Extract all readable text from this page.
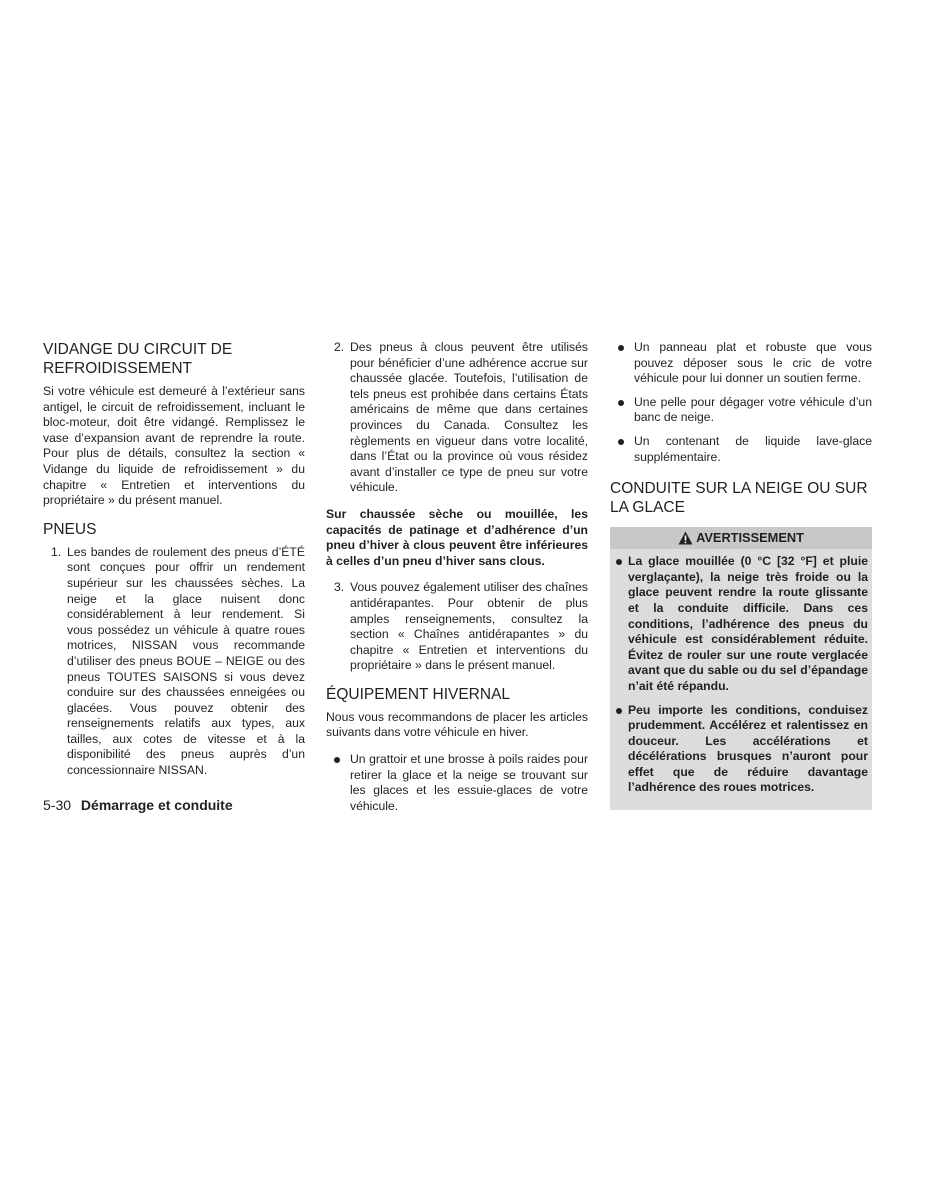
VIDANGE DU CIRCUIT DE REFROIDISSEMENT

Si votre véhicule est demeuré à l’extérieur sans antigel, le circuit de refroidissement, incluant le bloc-moteur, doit être vidangé. Remplissez le vase d’expansion avant de reprendre la route. Pour plus de détails, consultez la section « Vidange du liquide de refroidissement » du chapitre « Entretien et interventions du propriétaire » du présent manuel.

PNEUS
1. Les bandes de roulement des pneus d’ÉTÉ sont conçues pour offrir un rendement supérieur sur les chaussées sèches. La neige et la glace nuisent donc considérablement à leur rendement. Si vous possédez un véhicule à quatre roues motrices, NISSAN vous recommande d’utiliser des pneus BOUE – NEIGE ou des pneus TOUTES SAISONS si vous devez conduire sur des chaussées enneigées ou glacées. Vous pouvez obtenir des renseignements relatifs aux types, aux tailles, aux cotes de vitesse et à la disponibilité des pneus auprès d’un concessionnaire NISSAN.
2. Des pneus à clous peuvent être utilisés pour bénéficier d’une adhérence accrue sur chaussée glacée. Toutefois, l’utilisation de tels pneus est prohibée dans certains États américains de même que dans certaines provinces du Canada. Consultez les règlements en vigueur dans votre localité, dans l’État ou la province où vous résidez avant d’installer ce type de pneu sur votre véhicule.

Sur chaussée sèche ou mouillée, les capacités de patinage et d’adhérence d’un pneu d’hiver à clous peuvent être inférieures à celles d’un pneu d’hiver sans clous.

3. Vous pouvez également utiliser des chaînes antidérapantes. Pour obtenir de plus amples renseignements, consultez la section « Chaînes antidérapantes » du chapitre « Entretien et interventions du propriétaire » dans le présent manuel.
ÉQUIPEMENT HIVERNAL

Nous vous recommandons de placer les articles suivants dans votre véhicule en hiver.

Un grattoir et une brosse à poils raides pour retirer la glace et la neige se trouvant sur les glaces et les essuie-glaces de votre véhicule.
Un panneau plat et robuste que vous pouvez déposer sous le cric de votre véhicule pour lui donner un soutien ferme.
Une pelle pour dégager votre véhicule d’un banc de neige.
Un contenant de liquide lave-glace supplémentaire.
CONDUITE SUR LA NEIGE OU SUR LA GLACE
AVERTISSEMENT
La glace mouillée (0 °C [32 °F] et pluie verglaçante), la neige très froide ou la glace peuvent rendre la route glissante et la conduite difficile. Dans ces conditions, l’adhérence des pneus du véhicule est considérablement réduite. Évitez de rouler sur une route verglacée avant que du sable ou du sel d’épandage n’ait été répandu.
Peu importe les conditions, conduisez prudemment. Accélérez et ralentissez en douceur. Les accélérations et décélérations brusques n’auront pour effet que de réduire davantage l’adhérence des roues motrices.
5-30 Démarrage et conduite
